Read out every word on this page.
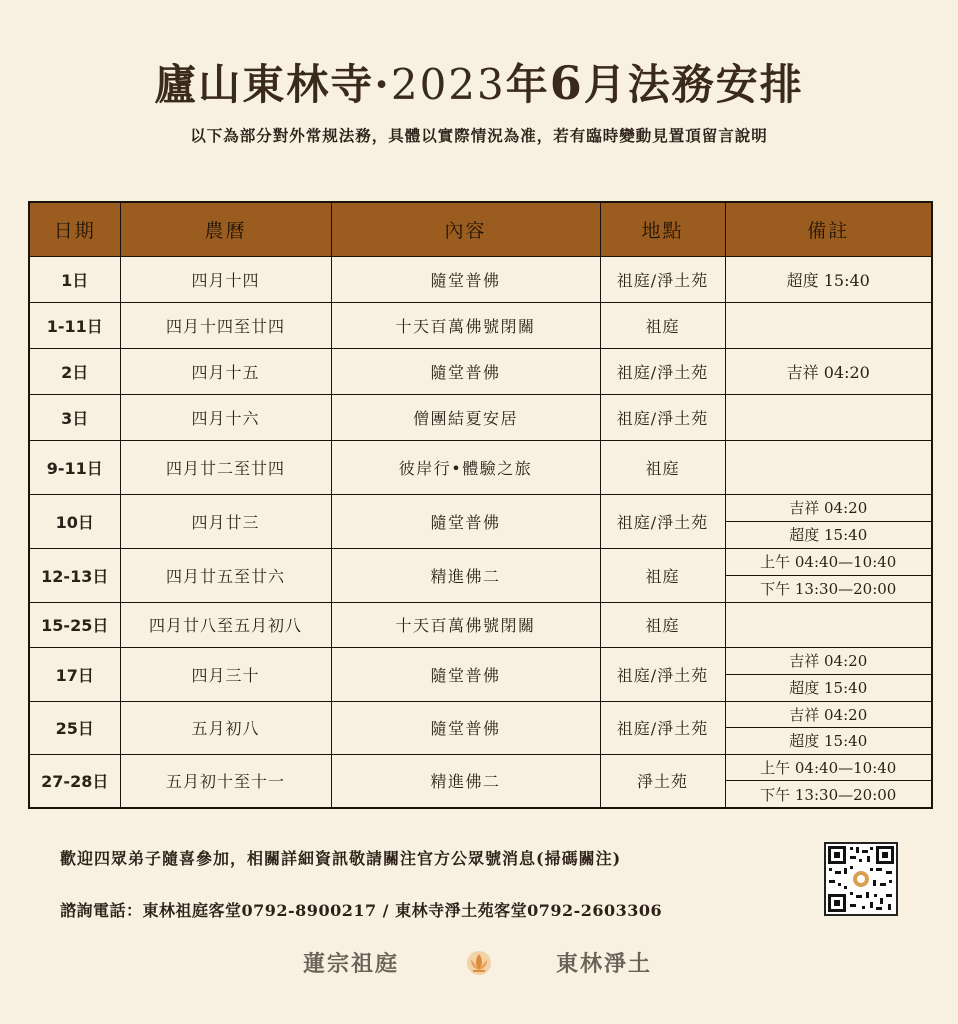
廬山東林寺·2023年6月法務安排
以下為部分對外常规法務，具體以實際情況為准，若有臨時變動見置頂留言說明
日期	農曆	內容	地點	備註
1日	四月十四	隨堂普佛	祖庭/淨土苑	超度 15:40
1-11日	四月十四至廿四	十天百萬佛號閉關	祖庭	
2日	四月十五	隨堂普佛	祖庭/淨土苑	吉祥 04:20
3日	四月十六	僧團結夏安居	祖庭/淨土苑	
9-11日	四月廿二至廿四	彼岸行•體驗之旅	祖庭	
10日	四月廿三	隨堂普佛	祖庭/淨土苑	吉祥 04:20
超度 15:40

12-13日	四月廿五至廿六	精進佛二	祖庭	上午 04:40—10:40
下午 13:30—20:00

15-25日	四月廿八至五月初八	十天百萬佛號閉關	祖庭	
17日	四月三十	隨堂普佛	祖庭/淨土苑	吉祥 04:20
超度 15:40

25日	五月初八	隨堂普佛	祖庭/淨土苑	吉祥 04:20
超度 15:40

27-28日	五月初十至十一	精進佛二	淨土苑	上午 04:40—10:40
下午 13:30—20:00
歡迎四眾弟子隨喜參加，相關詳細資訊敬請關注官方公眾號消息(掃碼關注)
諮詢電話：東林祖庭客堂0792-8900217 / 東林寺淨土苑客堂0792-2603306
蓮宗祖庭	東林淨土
